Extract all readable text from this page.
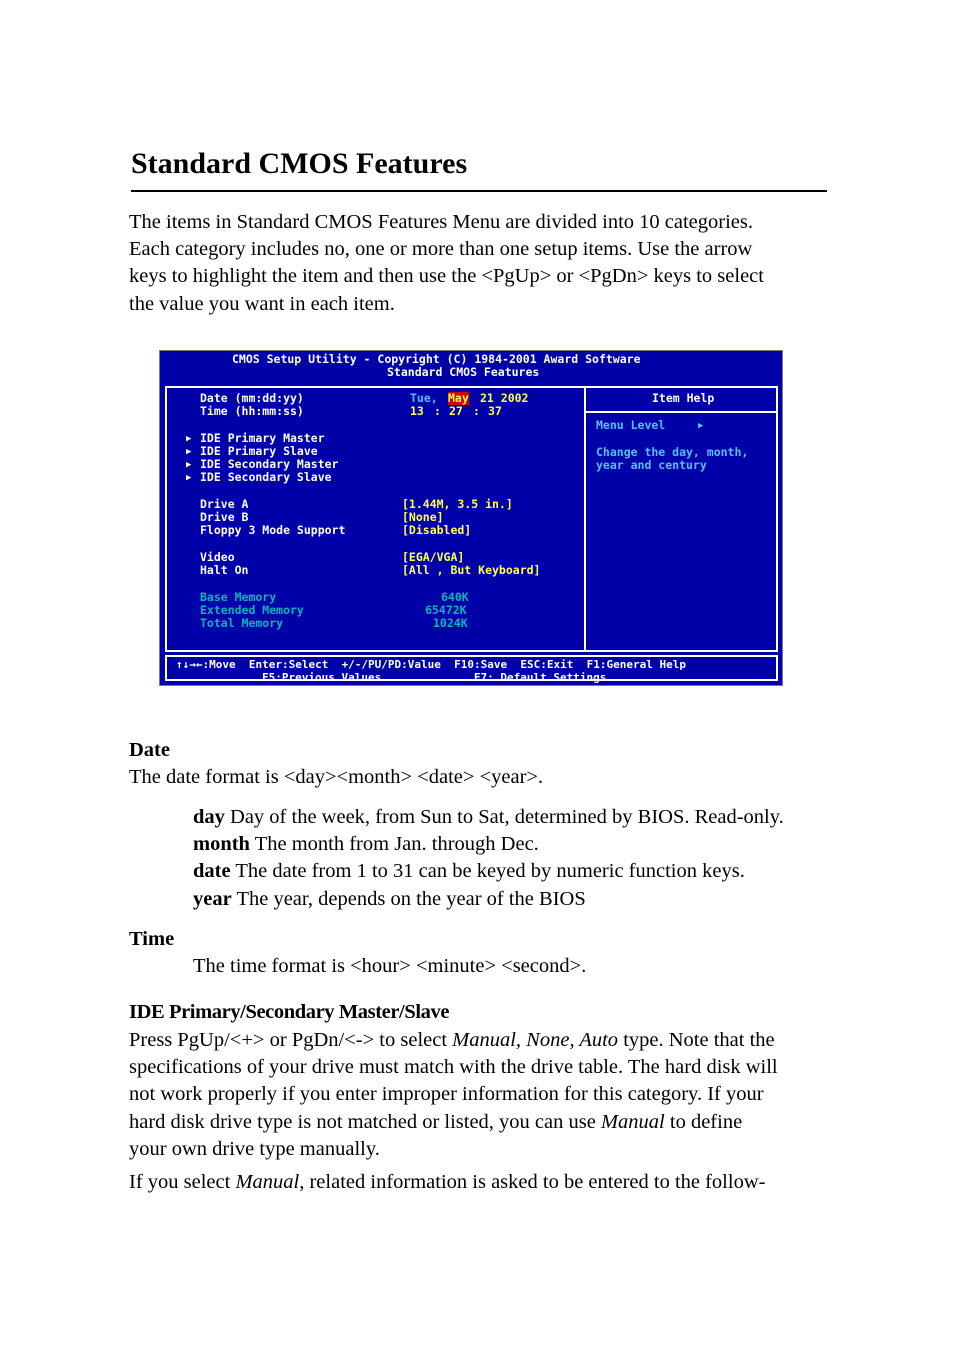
Standard CMOS Features
The items in Standard CMOS Features Menu are divided into 10 categories.
Each category includes no, one or more than one setup items. Use the arrow
keys to highlight the item and then use the <PgUp> or <PgDn> keys to select
the value you want in each item.
CMOS Setup Utility - Copyright (C) 1984-2001 Award Software
Standard CMOS Features
Date (mm:dd:yy)	Tue, May 21 2002
Time (hh:mm:ss)	13 : 27 : 37
▶ IDE Primary Master
▶ IDE Primary Slave
▶ IDE Secondary Master
▶ IDE Secondary Slave
Drive A	[1.44M, 3.5 in.]
Drive B	[None]
Floppy 3 Mode Support	[Disabled]
Video	[EGA/VGA]
Halt On	[All , But Keyboard]
Base Memory	640K
Extended Memory	65472K
Total Memory	1024K
Item Help
Menu Level	▶
Change the day, month,
year and century
↑↓→←:Move  Enter:Select  +/-/PU/PD:Value  F10:Save  ESC:Exit  F1:General Help
F5:Previous Values              F7: Default Settings
Date
The date format is <day><month> <date> <year>.
day Day of the week, from Sun to Sat, determined by BIOS. Read-only.
month The month from Jan. through Dec.
date The date from 1 to 31 can be keyed by numeric function keys.
year The year, depends on the year of the BIOS
Time
The time format is <hour> <minute> <second>.
IDE Primary/Secondary Master/Slave
Press PgUp/<+> or PgDn/<-> to select Manual, None, Auto type. Note that the
specifications of your drive must match with the drive table. The hard disk will
not work properly if you enter improper information for this category. If your
hard disk drive type is not matched or listed, you can use Manual to define
your own drive type manually.
If you select Manual, related information is asked to be entered to the follow-
